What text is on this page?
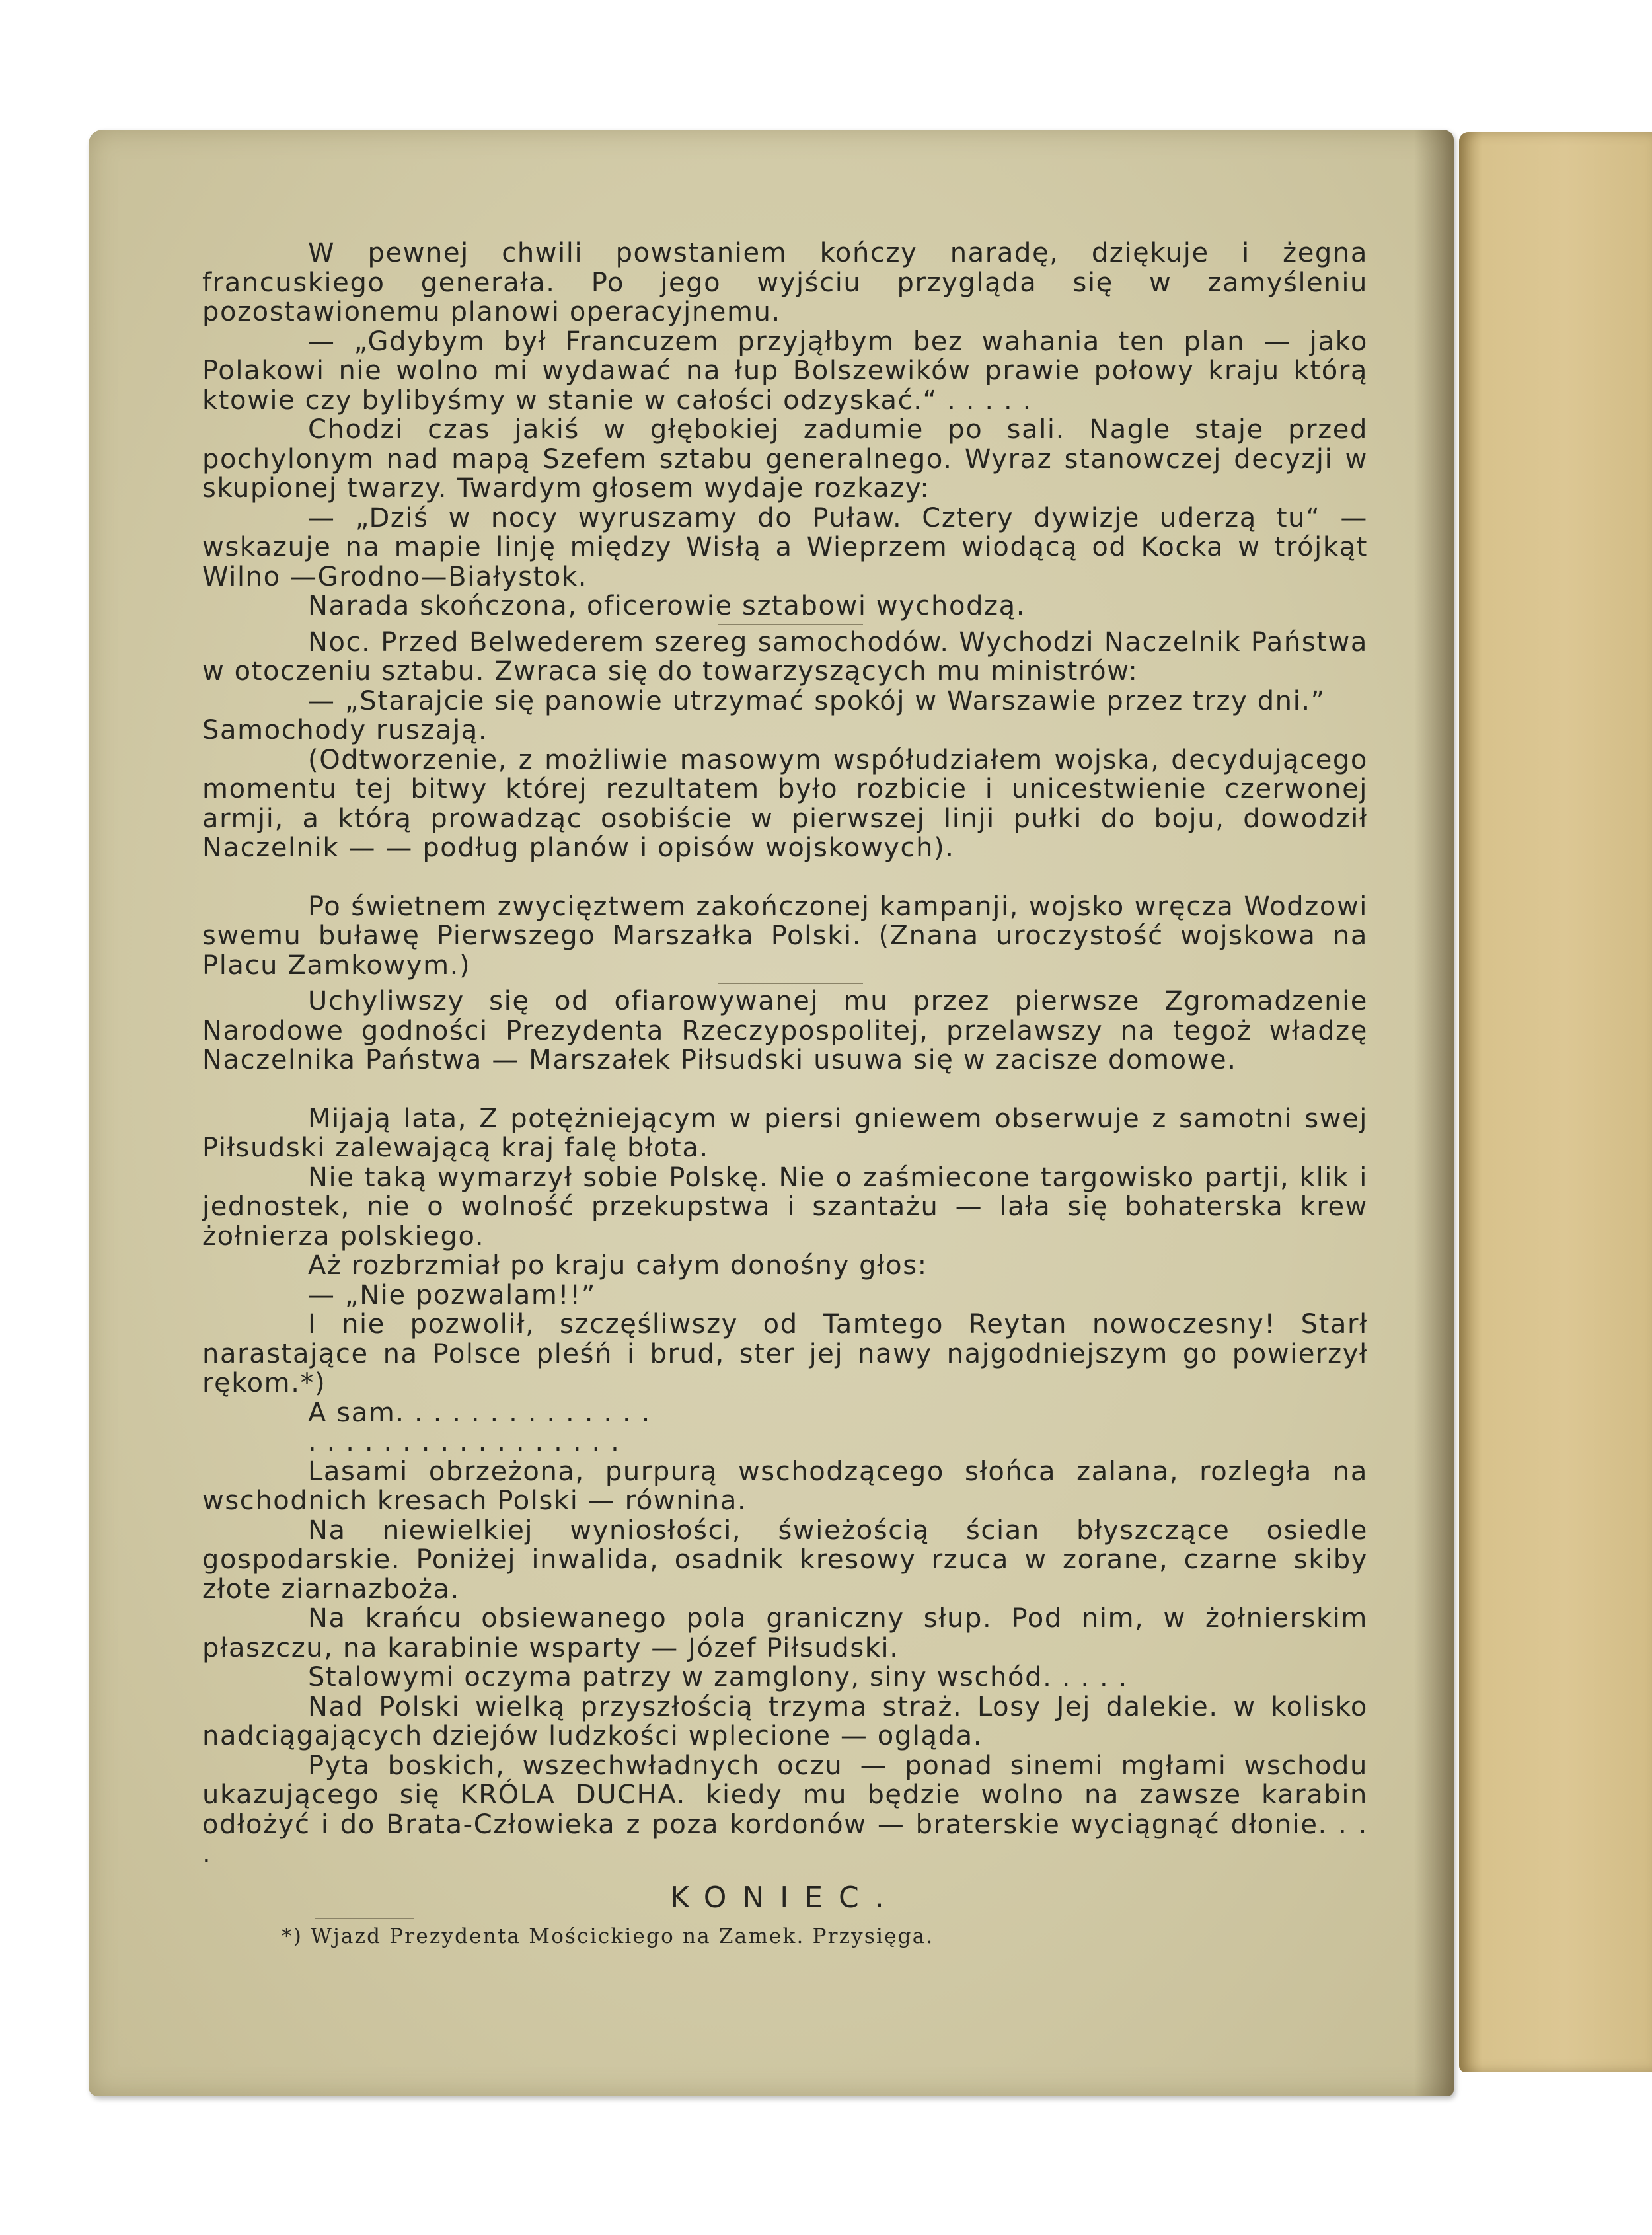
W pewnej chwili powstaniem kończy naradę, dziękuje i żegna francuskiego generała. Po jego wyjściu przygląda się w zamyśleniu pozostawionemu planowi operacyjnemu.

— „Gdybym był Francuzem przyjąłbym bez wahania ten plan — jako Polakowi nie wolno mi wydawać na łup Bolszewików prawie połowy kraju którą ktowie czy bylibyśmy w stanie w całości odzyskać.“ . . . . .

Chodzi czas jakiś w głębokiej zadumie po sali. Nagle staje przed pochylonym nad mapą Szefem sztabu generalnego. Wyraz stanowczej decyzji w skupionej twarzy. Twardym głosem wydaje rozkazy:

— „Dziś w nocy wyruszamy do Puław. Cztery dywizje uderzą tu“ — wskazuje na mapie linję między Wisłą a Wieprzem wiodącą od Kocka w trójkąt Wilno —Grodno—Białystok.

Narada skończona, oficerowie sztabowi wychodzą.

Noc. Przed Belwederem szereg samochodów. Wychodzi Naczelnik Państwa w otoczeniu sztabu. Zwraca się do towarzyszących mu ministrów:

— „Starajcie się panowie utrzymać spokój w Warszawie przez trzy dni.”

Samochody ruszają.

(Odtworzenie, z możliwie masowym współudziałem wojska, decydującego momentu tej bitwy której rezultatem było rozbicie i unicestwienie czerwonej armji, a którą prowadząc osobiście w pierwszej linji pułki do boju, dowodził Naczelnik — — podług planów i opisów wojskowych).

Po świetnem zwycięztwem zakończonej kampanji, wojsko wręcza Wodzowi swemu buławę Pierwszego Marszałka Polski. (Znana uroczystość wojskowa na Placu Zamkowym.)

Uchyliwszy się od ofiarowywanej mu przez pierwsze Zgromadzenie Narodowe godności Prezydenta Rzeczypospolitej, przelawszy na tegoż władzę Naczelnika Państwa — Marszałek Piłsudski usuwa się w zacisze domowe.

Mijają lata, Z potężniejącym w piersi gniewem obserwuje z samotni swej Piłsudski zalewającą kraj falę błota.

Nie taką wymarzył sobie Polskę. Nie o zaśmiecone targowisko partji, klik i jednostek, nie o wolność przekupstwa i szantażu — lała się bohaterska krew żołnierza polskiego.

Aż rozbrzmiał po kraju całym donośny głos:

— „Nie pozwalam!!”

I nie pozwolił, szczęśliwszy od Tamtego Reytan nowoczesny! Starł narastające na Polsce pleśń i brud, ster jej nawy najgodniejszym go powierzył rękom.*)

A sam. . . . . . . . . . . . . .

. . . . . . . . . . . . . . . . .

Lasami obrzeżona, purpurą wschodzącego słońca zalana, rozległa na wschodnich kresach Polski — równina.

Na niewielkiej wyniosłości, świeżością ścian błyszczące osiedle gospodarskie. Poniżej inwalida, osadnik kresowy rzuca w zorane, czarne skiby złote ziarnazboża.

Na krańcu obsiewanego pola graniczny słup. Pod nim, w żołnierskim płaszczu, na karabinie wsparty — Józef Piłsudski.

Stalowymi oczyma patrzy w zamglony, siny wschód. . . . .

Nad Polski wielką przyszłością trzyma straż. Losy Jej dalekie. w kolisko nadciągających dziejów ludzkości wplecione — ogląda.

Pyta boskich, wszechwładnych oczu — ponad sinemi mgłami wschodu ukazującego się KRÓLA DUCHA. kiedy mu będzie wolno na zawsze karabin odłożyć i do Brata-Człowieka z poza kordonów — braterskie wyciągnąć dłonie. . . .

KONIEC.
*) Wjazd Prezydenta Mościckiego na Zamek. Przysięga.
